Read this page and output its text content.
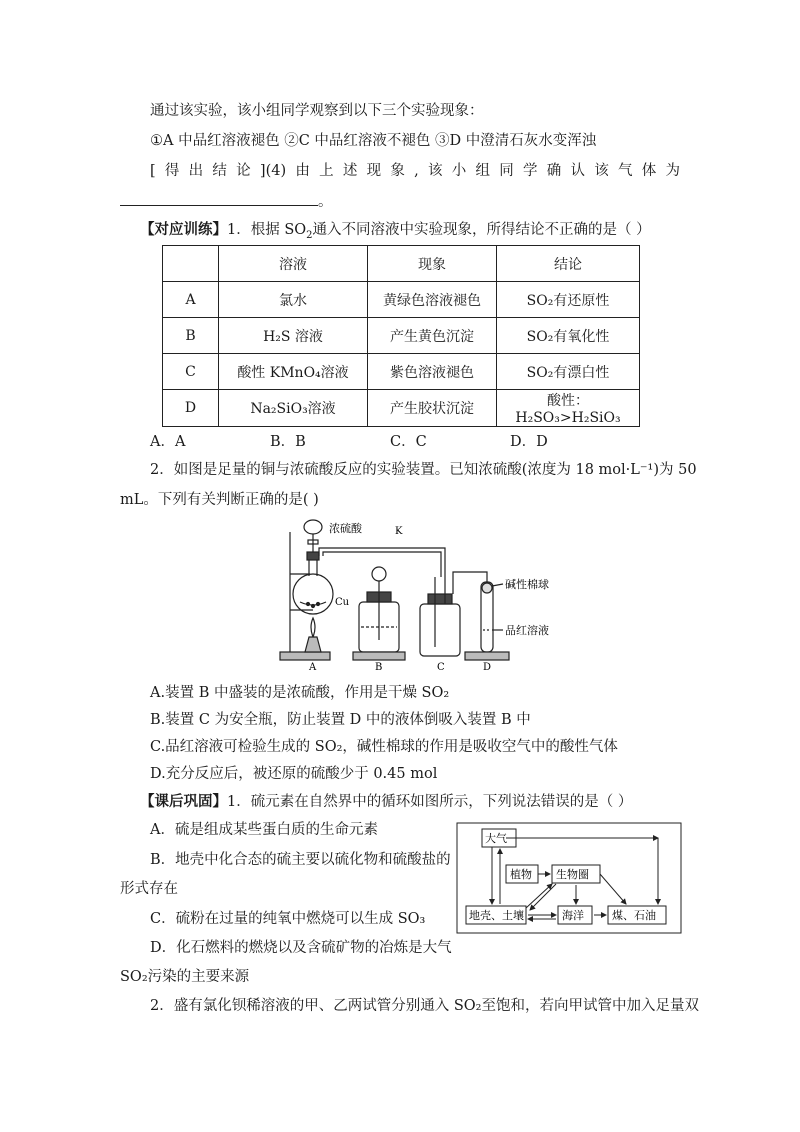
通过该实验，该小组同学观察到以下三个实验现象：
①A 中品红溶液褪色 ②C 中品红溶液不褪色 ③D 中澄清石灰水变浑浊
[ 得 出 结 论 ](4) 由 上 述 现 象 , 该 小 组 同 学 确 认 该 气 体 为
。
【对应训练】1．根据 $SO_2$通入不同溶液中实验现象，所得结论不正确的是（ ）
	溶液	现象	结论
A	氯水	黄绿色溶液褪色	SO₂有还原性
B	H₂S 溶液	产生黄色沉淀	SO₂有氧化性
C	酸性 KMnO₄溶液	紫色溶液褪色	SO₂有漂白性
D	Na₂SiO₃溶液	产生胶状沉淀	酸性：H₂SO₃>H₂SiO₃
A．A	B．B	C．C	D．D
2．如图是足量的铜与浓硫酸反应的实验装置。已知浓硫酸(浓度为 18 mol·L⁻¹)为 50
mL。下列有关判断正确的是( )
浓硫酸	K
Cu
碱性棉球
品红溶液
A	B	C	D
A.装置 B 中盛装的是浓硫酸，作用是干燥 SO₂
B.装置 C 为安全瓶，防止装置 D 中的液体倒吸入装置 B 中
C.品红溶液可检验生成的 SO₂，碱性棉球的作用是吸收空气中的酸性气体
D.充分反应后，被还原的硫酸少于 0.45 mol
【课后巩固】1．硫元素在自然界中的循环如图所示，下列说法错误的是（ ）
A．硫是组成某些蛋白质的生命元素
B．地壳中化合态的硫主要以硫化物和硫酸盐的
形式存在
C．硫粉在过量的纯氧中燃烧可以生成 SO₃
D．化石燃料的燃烧以及含硫矿物的冶炼是大气
SO₂污染的主要来源
大气
植物 生物圈
地壳、土壤	海洋	煤、石油
2．盛有氯化钡稀溶液的甲、乙两试管分别通入 SO₂至饱和，若向甲试管中加入足量双
